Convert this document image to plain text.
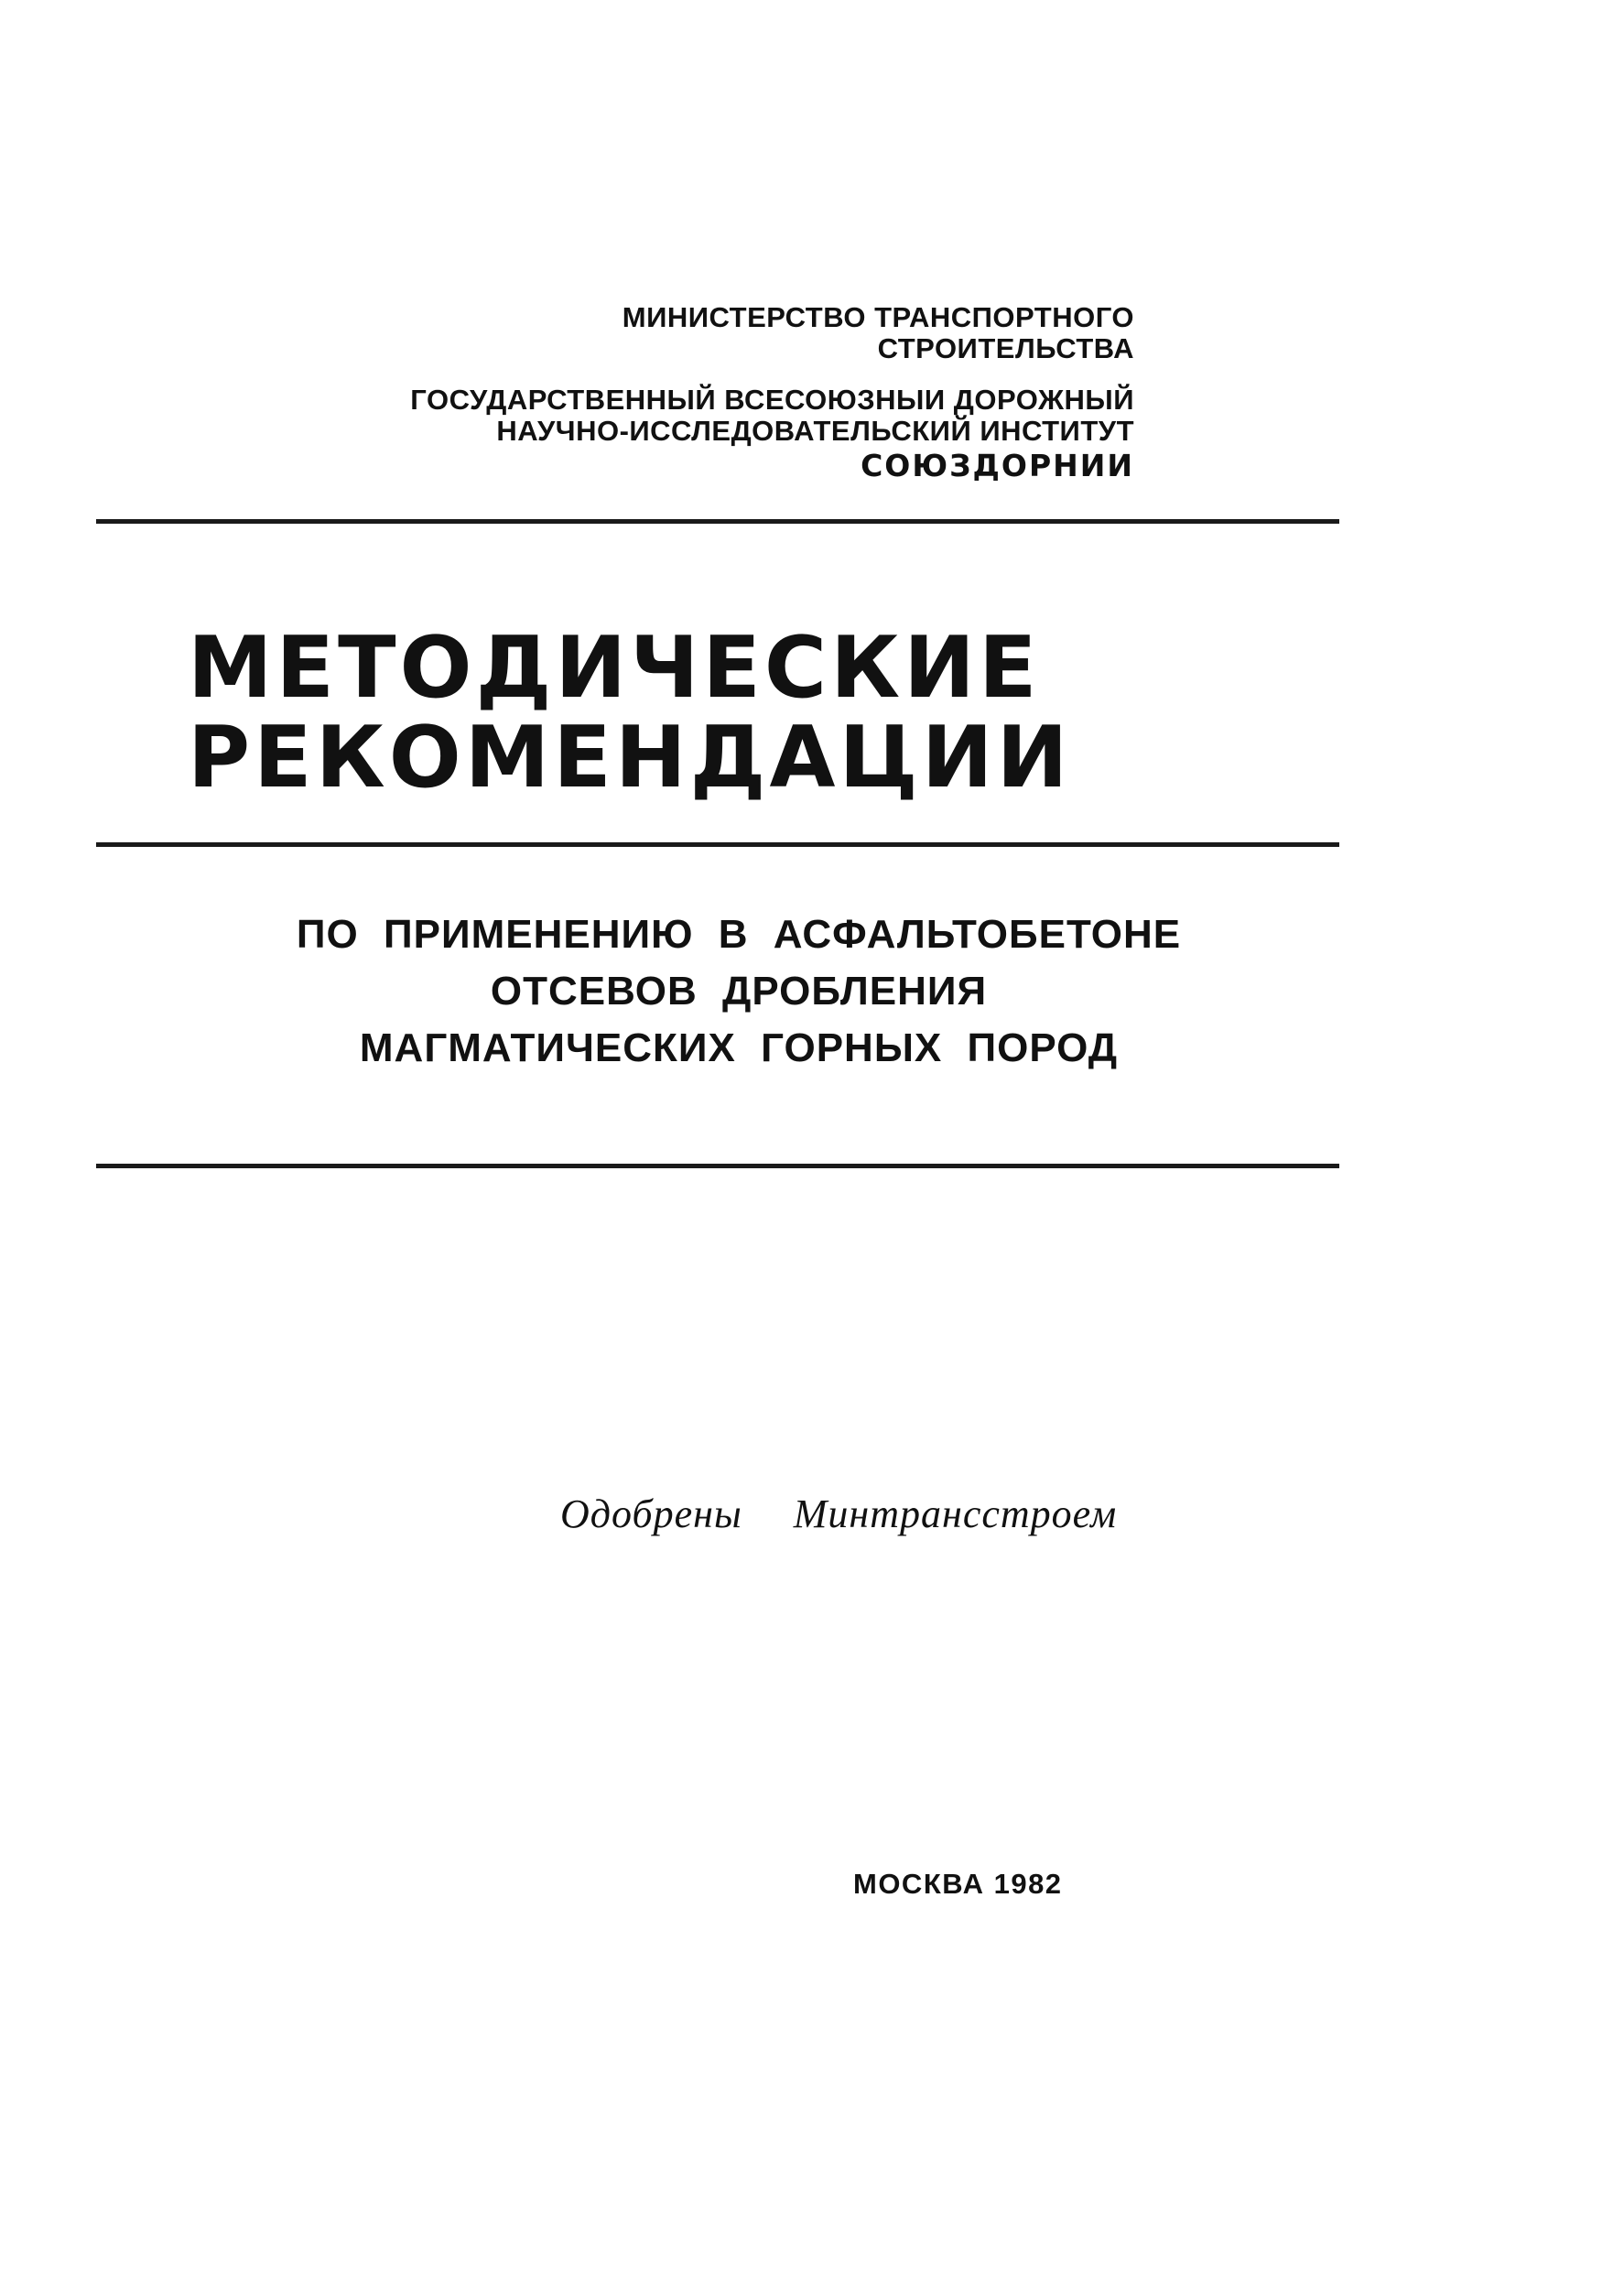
МИНИСТЕРСТВО ТРАНСПОРТНОГО
СТРОИТЕЛЬСТВА
ГОСУДАРСТВЕННЫЙ ВСЕСОЮЗНЫИ ДОРОЖНЫЙ
НАУЧНО-ИССЛЕДОВАТЕЛЬСКИЙ ИНСТИТУТ
СОЮЗДОРНИИ
МЕТОДИЧЕСКИЕ
РЕКОМЕНДАЦИИ
ПО ПРИМЕНЕНИЮ В АСФАЛЬТОБЕТОНЕ
ОТСЕВОВ ДРОБЛЕНИЯ
МАГМАТИЧЕСКИХ ГОРНЫХ ПОРОД
Одобрены Минтрансстроем
МОСКВА 1982
